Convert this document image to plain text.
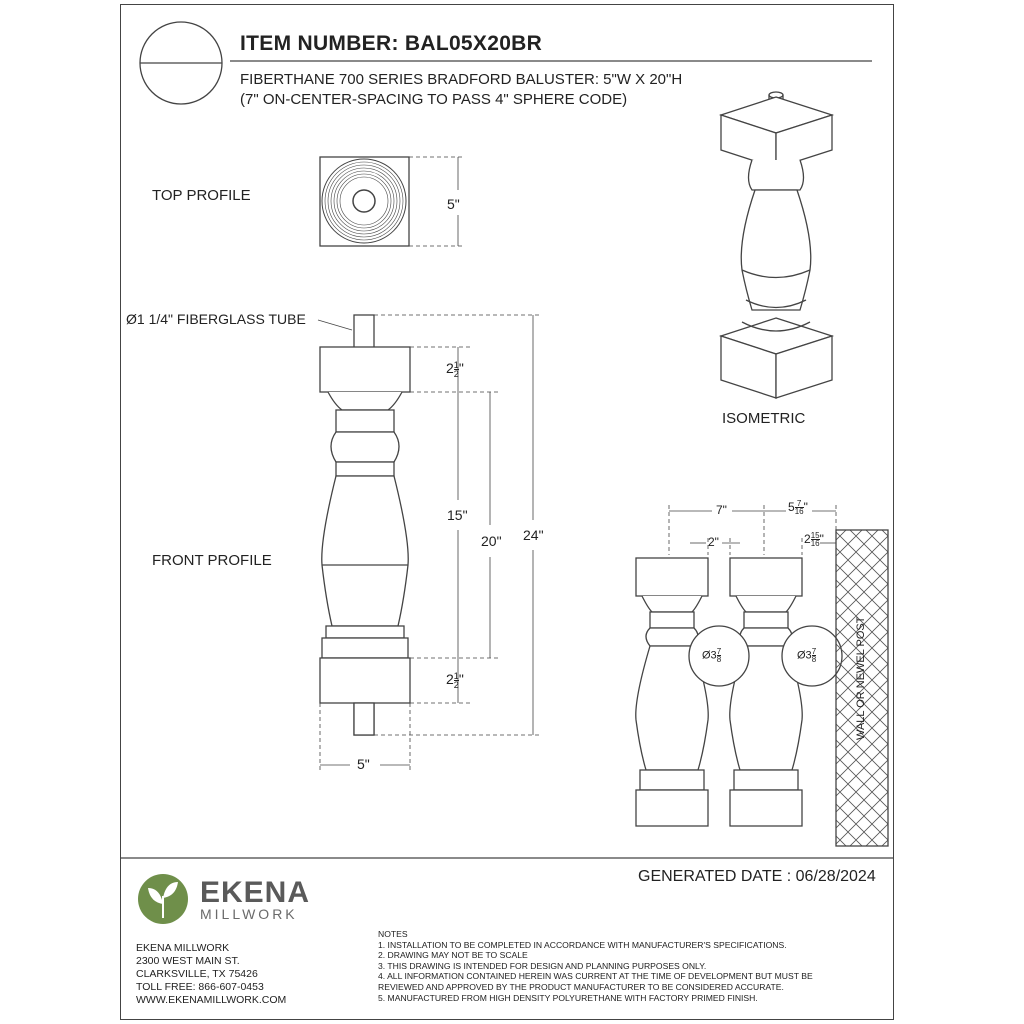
ITEM NUMBER: BAL05X20BR
FIBERTHANE 700 SERIES BRADFORD BALUSTER: 5"W X 20"H
(7" ON-CENTER-SPACING TO PASS 4" SPHERE CODE)
TOP PROFILE
FRONT PROFILE
ISOMETRIC
Ø1 1/4" FIBERGLASS TUBE
5"
$2 \frac{1}{2}$ "
15"
20" 24"
$2 \frac{1}{2}$ "
5"
7"
2"
$5 \frac{7}{16}$ "
$2 \frac{15}{16}$ "
Ø3 $\frac{7}{8}$	Ø3 $\frac{7}{8}$	WALL OR NEWEL POST
GENERATED DATE : 06/28/2024
EKENA
MILLWORK
EKENA MILLWORK
2300 WEST MAIN ST.
CLARKSVILLE, TX 75426
TOLL FREE: 866-607-0453
WWW.EKENAMILLWORK.COM
NOTES
1. INSTALLATION TO BE COMPLETED IN ACCORDANCE WITH MANUFACTURER'S SPECIFICATIONS.
2. DRAWING MAY NOT BE TO SCALE
3. THIS DRAWING IS INTENDED FOR DESIGN AND PLANNING PURPOSES ONLY.
4. ALL INFORMATION CONTAINED HEREIN WAS CURRENT AT THE TIME OF DEVELOPMENT BUT MUST BE
REVIEWED AND APPROVED BY THE PRODUCT MANUFACTURER TO BE CONSIDERED ACCURATE.
5. MANUFACTURED FROM HIGH DENSITY POLYURETHANE WITH FACTORY PRIMED FINISH.
